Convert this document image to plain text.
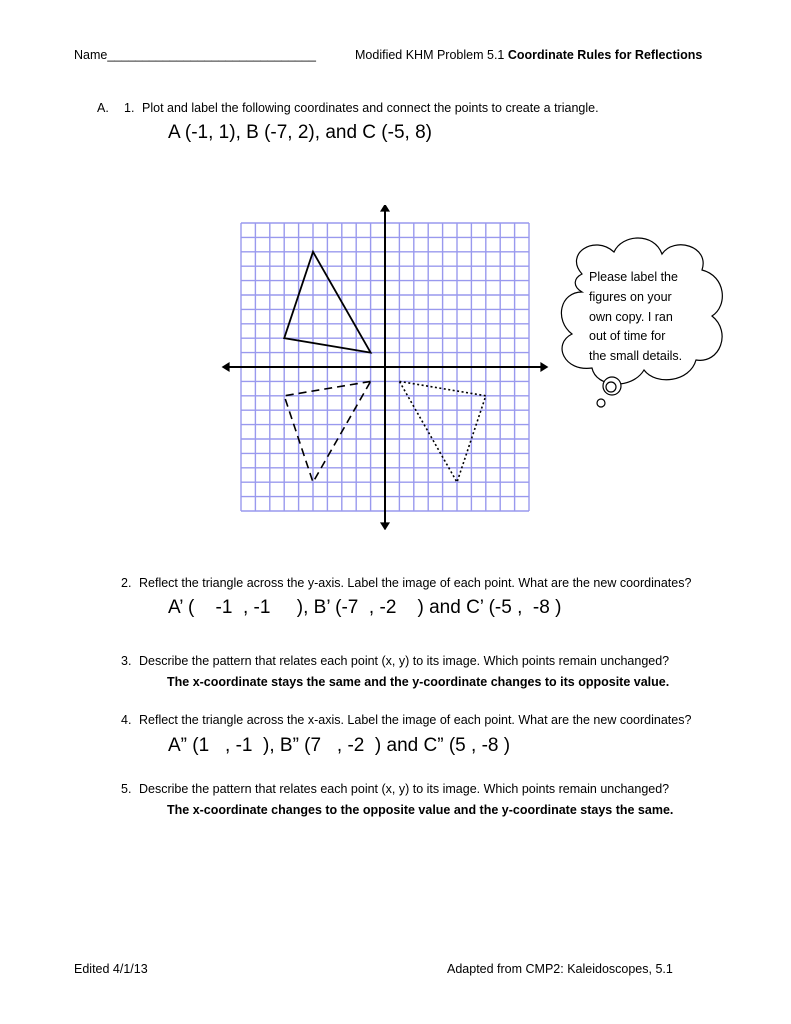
Name______________________________	Modified KHM Problem 5.1 Coordinate Rules for Reflections
A. 1. Plot and label the following coordinates and connect the points to create a triangle.
A (-1, 1), B (-7, 2), and C (-5, 8)
Please label the
figures on your
own copy. I ran
out of time for
the small details.
2. Reflect the triangle across the y-axis. Label the image of each point. What are the new coordinates?
A’ (    -1  , -1     ), B’ (-7  , -2    ) and C’ (-5 ,  -8 )
3. Describe the pattern that relates each point (x, y) to its image. Which points remain unchanged?
The x-coordinate stays the same and the y-coordinate changes to its opposite value.
4. Reflect the triangle across the x-axis. Label the image of each point. What are the new coordinates?
A” (1   , -1  ), B” (7   , -2  ) and C” (5 , -8 )
5. Describe the pattern that relates each point (x, y) to its image. Which points remain unchanged?
The x-coordinate changes to the opposite value and the y-coordinate stays the same.
Edited 4/1/13	Adapted from CMP2: Kaleidoscopes, 5.1
